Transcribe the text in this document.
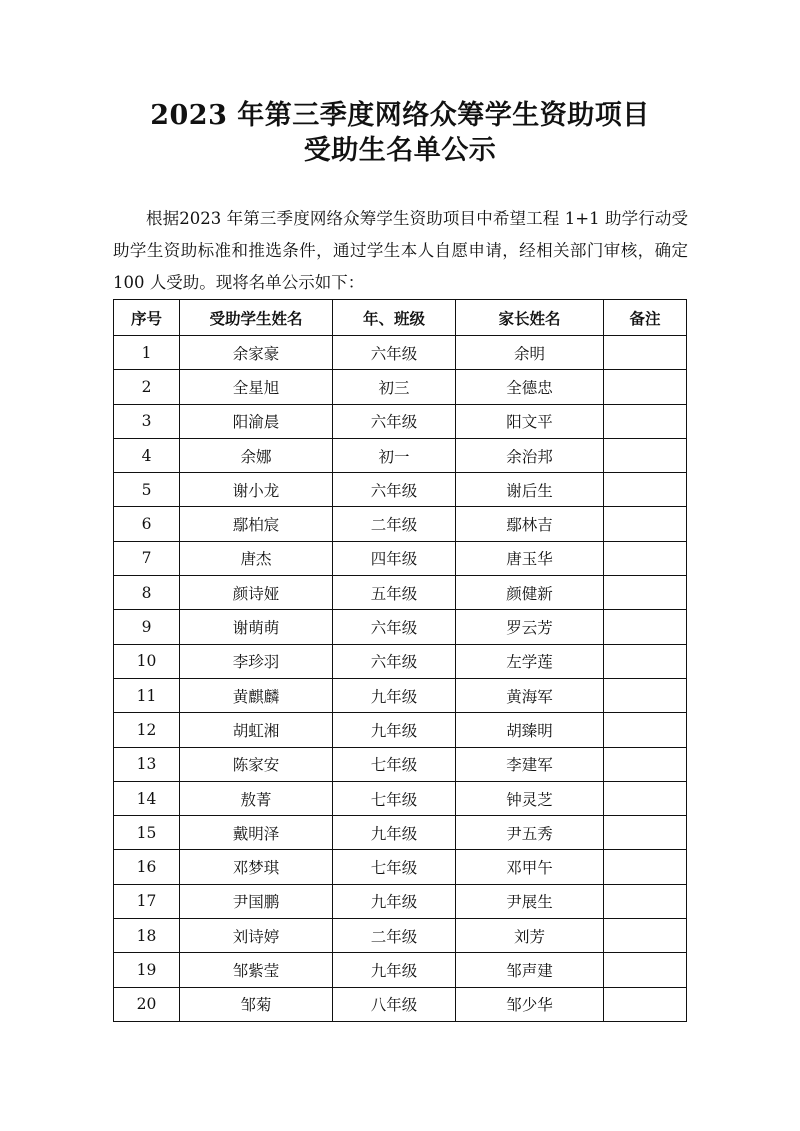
2023 年第三季度网络众筹学生资助项目
受助生名单公示

根据2023 年第三季度网络众筹学生资助项目中希望工程 1+1 助学行动受助学生资助标准和推选条件，通过学生本人自愿申请，经相关部门审核，确定 100 人受助。现将名单公示如下：

序号	受助学生姓名	年、班级	家长姓名	备注
1	余家豪	六年级	余明	
2	全星旭	初三	全德忠	
3	阳渝晨	六年级	阳文平	
4	余娜	初一	余治邦	
5	谢小龙	六年级	谢后生	
6	鄢柏宸	二年级	鄢林吉	
7	唐杰	四年级	唐玉华	
8	颜诗娅	五年级	颜健新	
9	谢萌萌	六年级	罗云芳	
10	李珍羽	六年级	左学莲	
11	黄麒麟	九年级	黄海军	
12	胡虹湘	九年级	胡臻明	
13	陈家安	七年级	李建军	
14	敖菁	七年级	钟灵芝	
15	戴明泽	九年级	尹五秀	
16	邓梦琪	七年级	邓甲午	
17	尹国鹏	九年级	尹展生	
18	刘诗婷	二年级	刘芳	
19	邹紫莹	九年级	邹声建	
20	邹菊	八年级	邹少华	
